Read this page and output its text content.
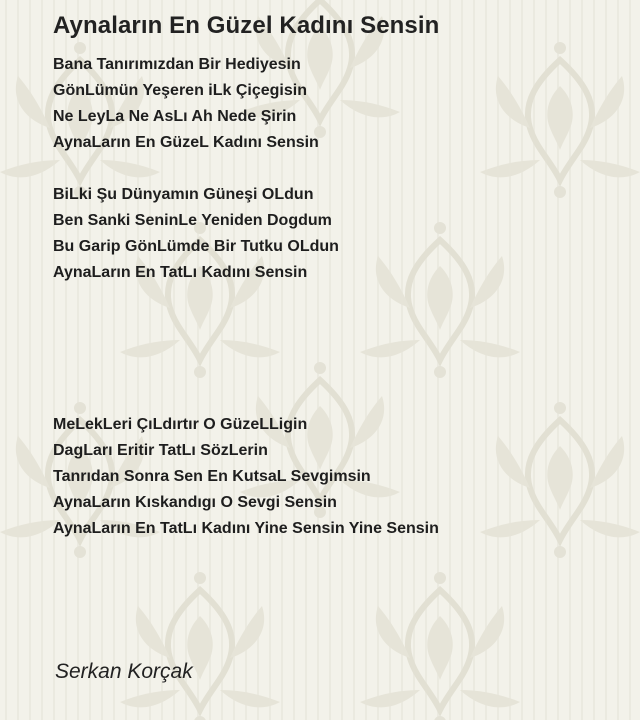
Aynaların En Güzel Kadını Sensin
Bana Tanırımızdan Bir Hediyesin
GönLümün Yeşeren iLk Çiçegisin
Ne LeyLa Ne AsLı Ah Nede Şirin
AynaLarın En GüzeL Kadını Sensin
BiLki Şu Dünyamın Güneşi OLdun
Ben Sanki SeninLe Yeniden Dogdum
Bu Garip GönLümde Bir Tutku OLdun
AynaLarın En TatLı Kadını Sensin
MeLekLeri ÇıLdırtır O GüzeLLigin
DagLarı Eritir TatLı SözLerin
Tanrıdan Sonra Sen En KutsaL Sevgimsin
AynaLarın Kıskandıgı O Sevgi Sensin
AynaLarın En TatLı Kadını Yine Sensin Yine Sensin
Serkan Korçak
